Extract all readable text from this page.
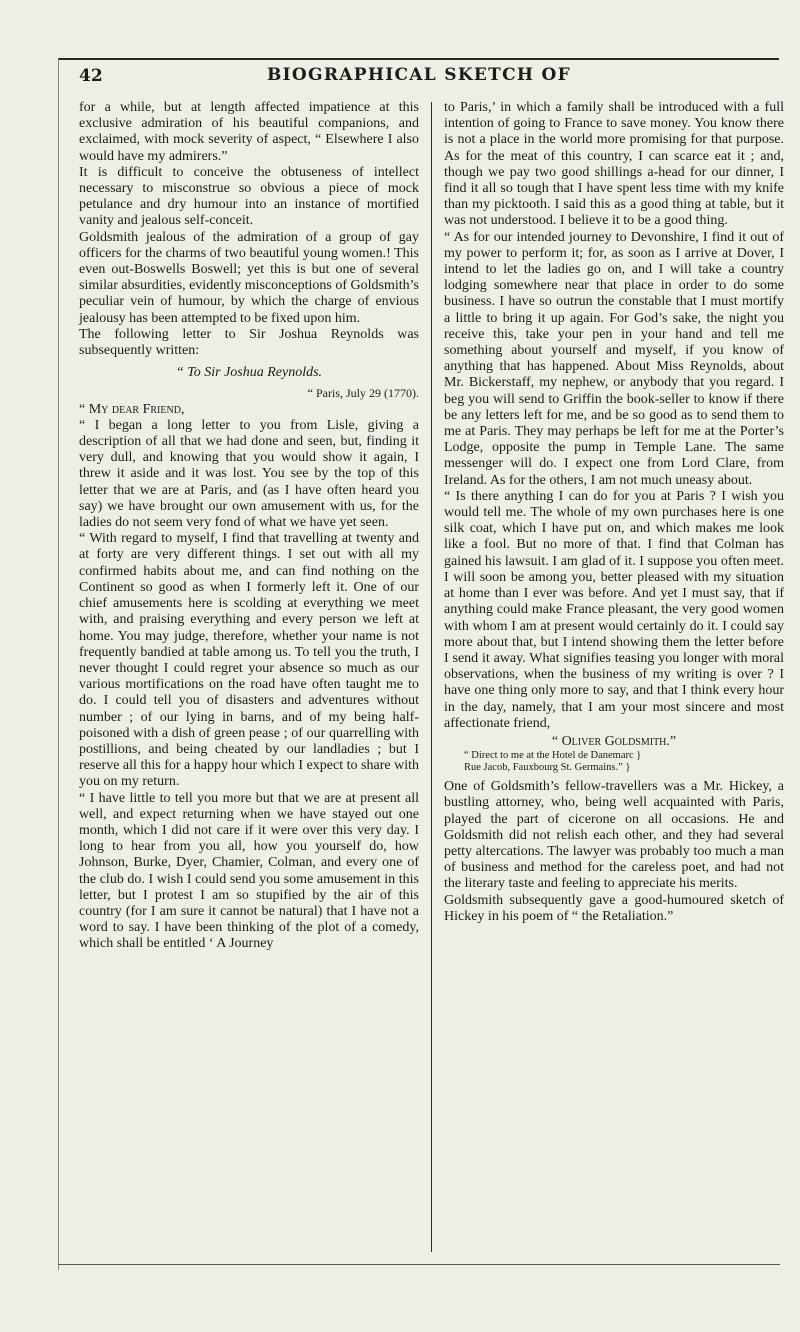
42	BIOGRAPHICAL SKETCH OF

for a while, but at length affected impatience at this exclusive admiration of his beautiful companions, and exclaimed, with mock severity of aspect, “ Elsewhere I also would have my admirers.”

It is difficult to conceive the obtuseness of intellect necessary to misconstrue so obvious a piece of mock petulance and dry humour into an instance of mortified vanity and jealous self-conceit.

Goldsmith jealous of the admiration of a group of gay officers for the charms of two beautiful young women.! This even out-Boswells Boswell; yet this is but one of several similar absurdities, evidently misconceptions of Goldsmith’s peculiar vein of humour, by which the charge of envious jealousy has been attempted to be fixed upon him.

The following letter to Sir Joshua Reynolds was subsequently written:

“ To Sir Joshua Reynolds.

“ Paris, July 29 (1770).

“ My dear Friend,

“ I began a long letter to you from Lisle, giving a description of all that we had done and seen, but, finding it very dull, and knowing that you would show it again, I threw it aside and it was lost. You see by the top of this letter that we are at Paris, and (as I have often heard you say) we have brought our own amusement with us, for the ladies do not seem very fond of what we have yet seen.

“ With regard to myself, I find that travelling at twenty and at forty are very different things. I set out with all my confirmed habits about me, and can find nothing on the Continent so good as when I formerly left it. One of our chief amusements here is scolding at everything we meet with, and praising everything and every person we left at home. You may judge, therefore, whether your name is not frequently bandied at table among us. To tell you the truth, I never thought I could regret your absence so much as our various mortifications on the road have often taught me to do. I could tell you of disasters and adventures without number ; of our lying in barns, and of my being half-poisoned with a dish of green pease ; of our quarrelling with postillions, and being cheated by our landladies ; but I reserve all this for a happy hour which I expect to share with you on my return.

“ I have little to tell you more but that we are at present all well, and expect returning when we have stayed out one month, which I did not care if it were over this very day. I long to hear from you all, how you yourself do, how Johnson, Burke, Dyer, Chamier, Colman, and every one of the club do. I wish I could send you some amusement in this letter, but I protest I am so stupified by the air of this country (for I am sure it cannot be natural) that I have not a word to say. I have been thinking of the plot of a comedy, which shall be entitled ‘ A Journey

to Paris,’ in which a family shall be introduced with a full intention of going to France to save money. You know there is not a place in the world more promising for that purpose. As for the meat of this country, I can scarce eat it ; and, though we pay two good shillings a-head for our dinner, I find it all so tough that I have spent less time with my knife than my picktooth. I said this as a good thing at table, but it was not understood. I believe it to be a good thing.

“ As for our intended journey to Devonshire, I find it out of my power to perform it; for, as soon as I arrive at Dover, I intend to let the ladies go on, and I will take a country lodging somewhere near that place in order to do some business. I have so outrun the constable that I must mortify a little to bring it up again. For God’s sake, the night you receive this, take your pen in your hand and tell me something about yourself and myself, if you know of anything that has happened. About Miss Reynolds, about Mr. Bickerstaff, my nephew, or anybody that you regard. I beg you will send to Griffin the book-seller to know if there be any letters left for me, and be so good as to send them to me at Paris. They may perhaps be left for me at the Porter’s Lodge, opposite the pump in Temple Lane. The same messenger will do. I expect one from Lord Clare, from Ireland. As for the others, I am not much uneasy about.

“ Is there anything I can do for you at Paris ? I wish you would tell me. The whole of my own purchases here is one silk coat, which I have put on, and which makes me look like a fool. But no more of that. I find that Colman has gained his lawsuit. I am glad of it. I suppose you often meet. I will soon be among you, better pleased with my situation at home than I ever was before. And yet I must say, that if anything could make France pleasant, the very good women with whom I am at present would certainly do it. I could say more about that, but I intend showing them the letter before I send it away. What signifies teasing you longer with moral observations, when the business of my writing is over ? I have one thing only more to say, and that I think every hour in the day, namely, that I am your most sincere and most affectionate friend,

“ Oliver Goldsmith.”

“ Direct to me at the Hotel de Danemarc }

Rue Jacob, Fauxbourg St. Germains.” }

One of Goldsmith’s fellow-travellers was a Mr. Hickey, a bustling attorney, who, being well acquainted with Paris, played the part of cicerone on all occasions. He and Goldsmith did not relish each other, and they had several petty altercations. The lawyer was probably too much a man of business and method for the careless poet, and had not the literary taste and feeling to appreciate his merits.

Goldsmith subsequently gave a good-humoured sketch of Hickey in his poem of “ the Retaliation.”
